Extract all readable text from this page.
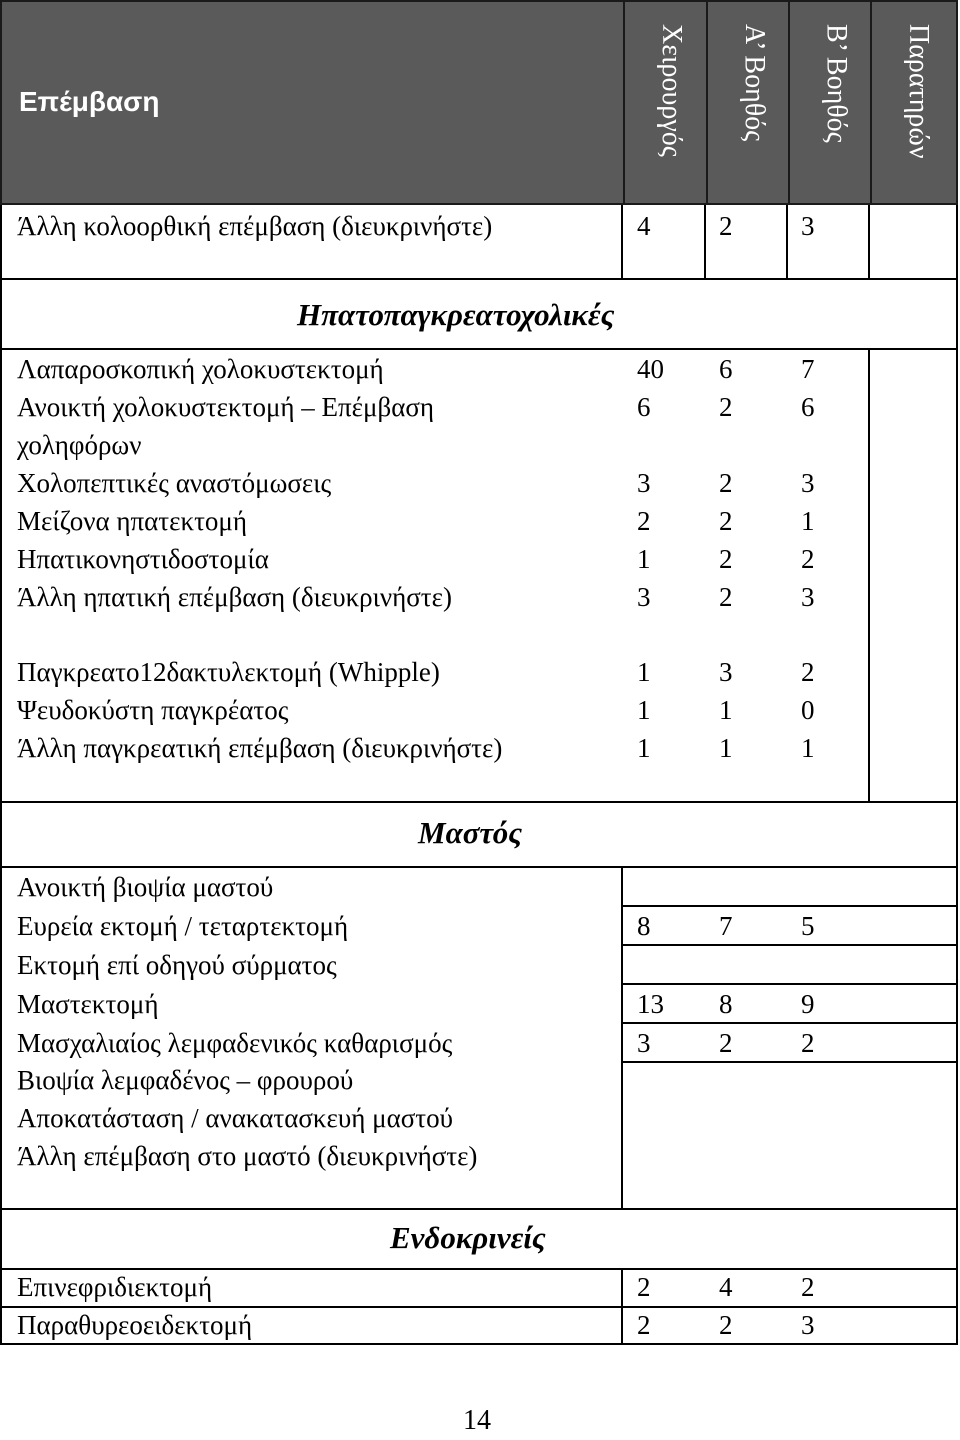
Επέμβαση	Χειρουργός	Α’ Βοηθός	Β’ Βοηθός	Παρατηρών
Άλλη κολοορθική επέμβαση (διευκρινήστε)	4	2	3
Ηπατοπαγκρεατοχολικές
Λαπαροσκοπική χολοκυστεκτομή	40	6	7
Ανοικτή χολοκυστεκτομή – Επέμβαση	6	2	6
χοληφόρων
Χολοπεπτικές αναστόμωσεις	3	2	3
Μείζονα ηπατεκτομή	2	2	1
Ηπατικονηστιδοστομία	1	2	2
Άλλη ηπατική επέμβαση (διευκρινήστε)	3	2	3
Παγκρεατο12δακτυλεκτομή (Whipple)	1	3	2
Ψευδοκύστη παγκρέατος	1	1	0
Άλλη παγκρεατική επέμβαση (διευκρινήστε)	1	1	1
Μαστός
Ανοικτή βιοψία μαστού
Ευρεία εκτομή / τεταρτεκτομή	8	7	5
Εκτομή επί οδηγού σύρματος
Μαστεκτομή	13	8	9
Μασχαλιαίος λεμφαδενικός καθαρισμός	3	2	2
Βιοψία λεμφαδένος – φρουρού
Αποκατάσταση / ανακατασκευή μαστού
Άλλη επέμβαση στο μαστό (διευκρινήστε)
Ενδοκρινείς
Επινεφριδιεκτομή	2	4	2
Παραθυρεοειδεκτομή	2	2	3
14
